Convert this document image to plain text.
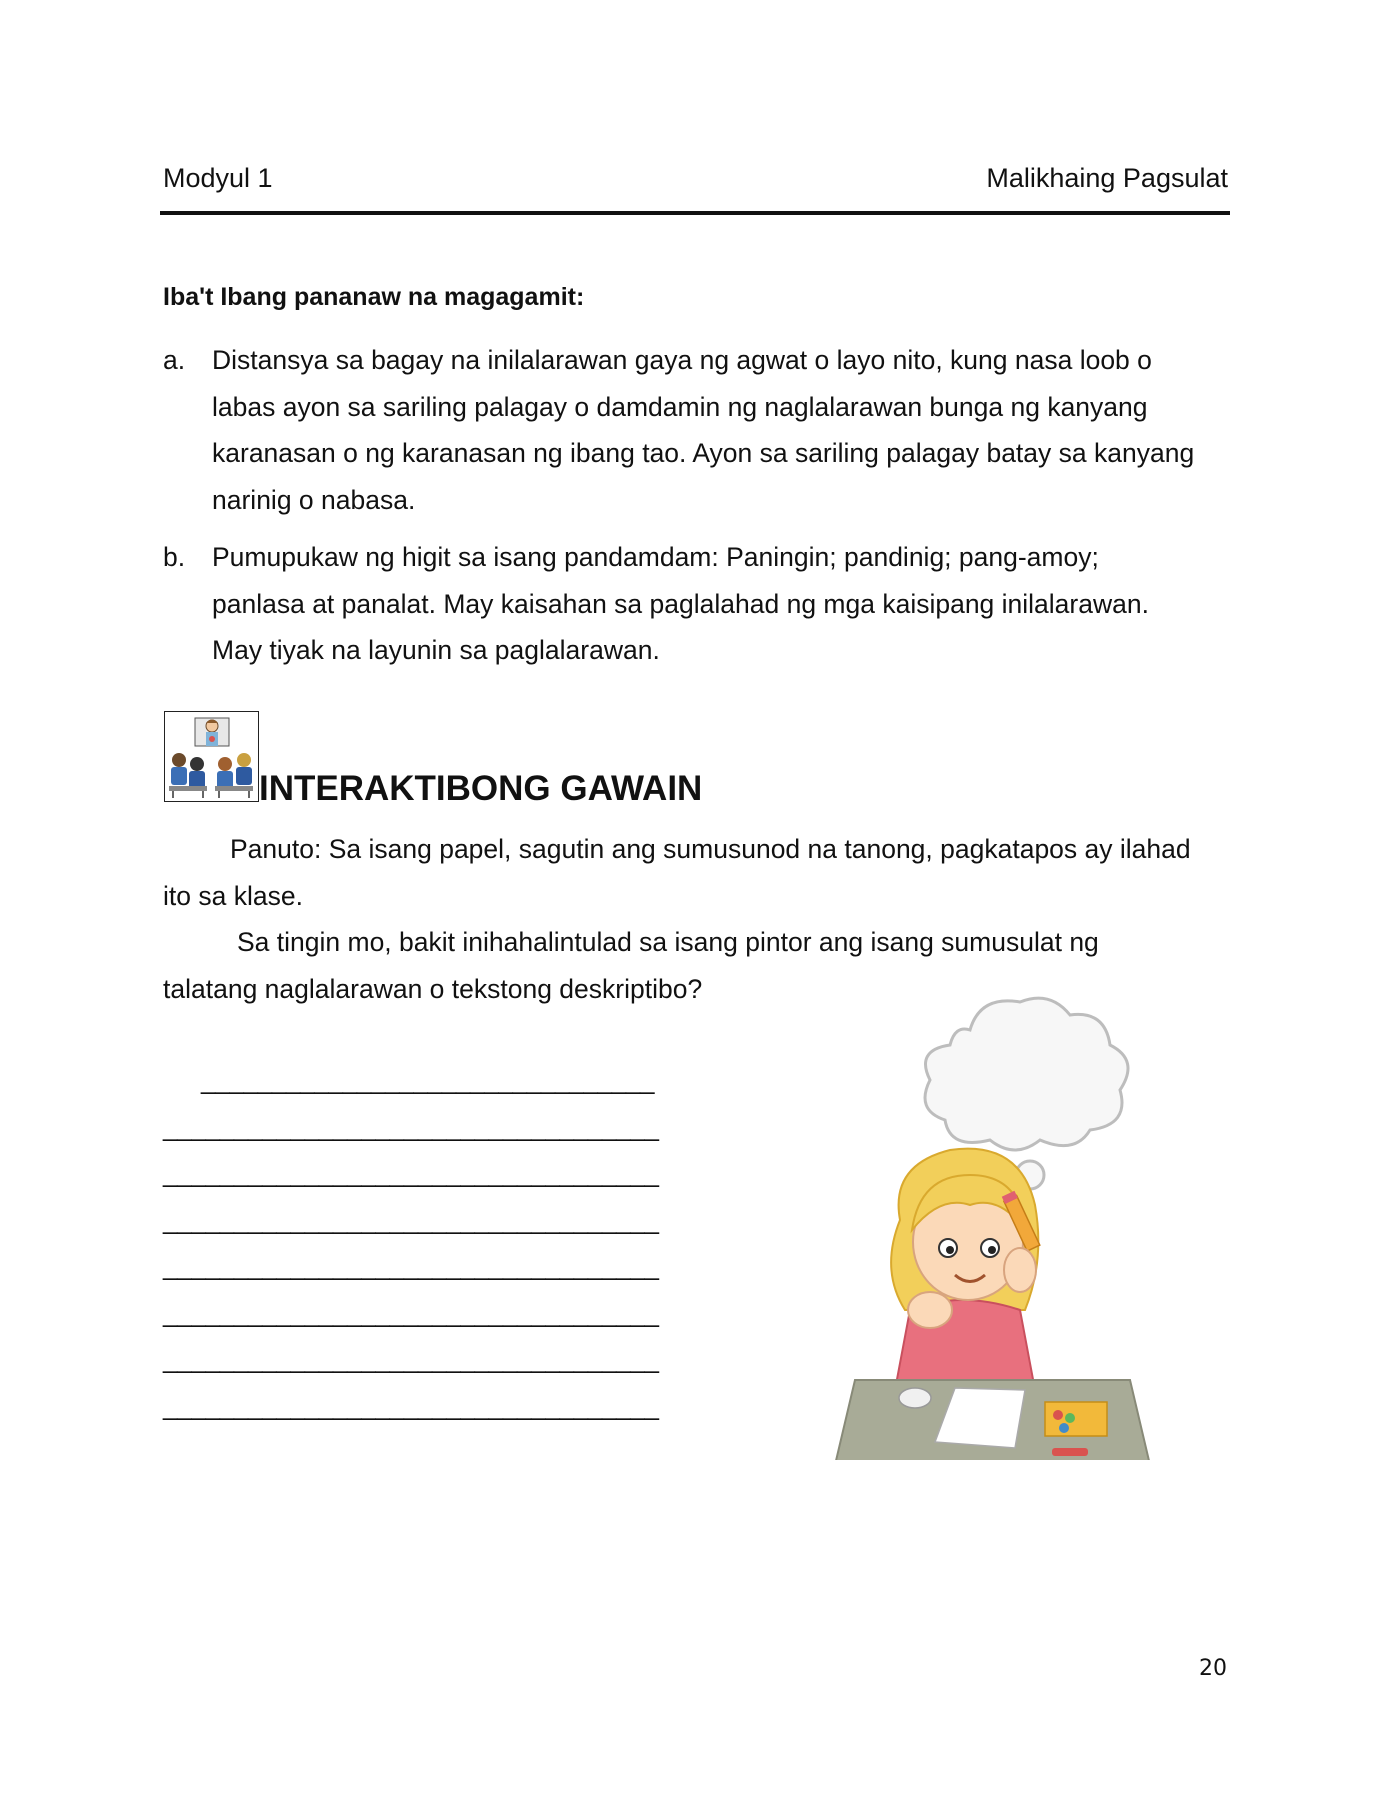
Modyul 1	Malikhaing Pagsulat
Iba't Ibang pananaw na magagamit:
a. Distansya sa bagay na inilalarawan gaya ng agwat o layo nito, kung nasa loob o
labas ayon sa sariling palagay o damdamin ng naglalarawan bunga ng kanyang
karanasan o ng karanasan ng ibang tao. Ayon sa sariling palagay batay sa kanyang
narinig o nabasa.
b. Pumupukaw ng higit sa isang pandamdam: Paningin; pandinig; pang-amoy;
panlasa at panalat. May kaisahan sa paglalahad ng mga kaisipang inilalarawan.
May tiyak na layunin sa paglalarawan.
INTERAKTIBONG GAWAIN
Panuto: Sa isang papel, sagutin ang sumusunod na tanong, pagkatapos ay ilahad
ito sa klase.
Sa tingin mo, bakit inihahalintulad sa isang pintor ang isang sumusulat ng
talatang naglalarawan o tekstong deskriptibo?
________________________________
___________________________________
___________________________________
___________________________________
___________________________________
___________________________________
___________________________________
___________________________________
20
